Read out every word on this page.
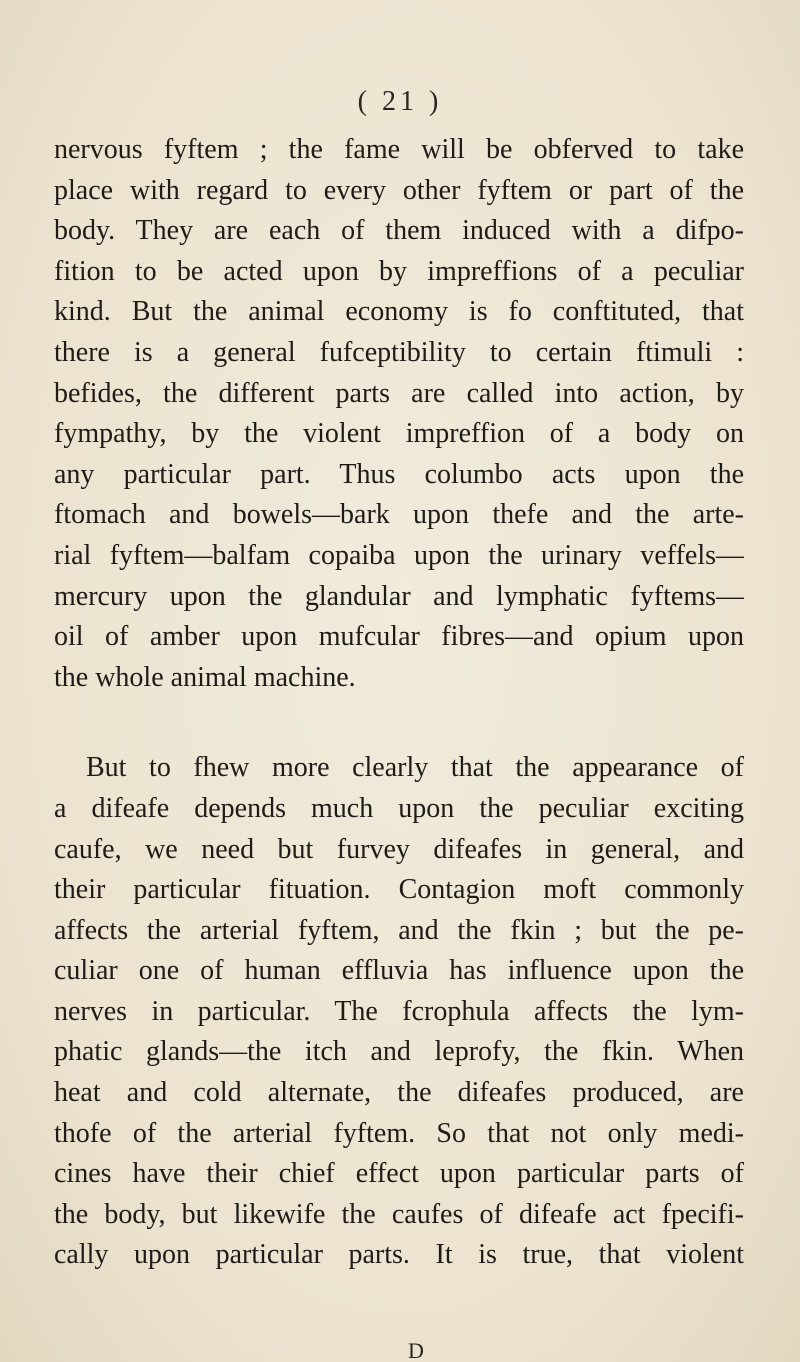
( 21 )
nervous fyftem ; the fame will be obferved to take
place with regard to every other fyftem or part of the
body. They are each of them induced with a difpo-
fition to be acted upon by impreffions of a peculiar
kind. But the animal economy is fo conftituted, that
there is a general fufceptibility to certain ftimuli :
befides, the different parts are called into action, by
fympathy, by the violent impreffion of a body on
any particular part. Thus columbo acts upon the
ftomach and bowels—bark upon thefe and the arte-
rial fyftem—balfam copaiba upon the urinary veffels—
mercury upon the glandular and lymphatic fyftems—
oil of amber upon mufcular fibres—and opium upon
the whole animal machine.
But to fhew more clearly that the appearance of
a difeafe depends much upon the peculiar exciting
caufe, we need but furvey difeafes in general, and
their particular fituation. Contagion moft commonly
affects the arterial fyftem, and the fkin ; but the pe-
culiar one of human effluvia has influence upon the
nerves in particular. The fcrophula affects the lym-
phatic glands—the itch and leprofy, the fkin. When
heat and cold alternate, the difeafes produced, are
thofe of the arterial fyftem. So that not only medi-
cines have their chief effect upon particular parts of
the body, but likewife the caufes of difeafe act fpecifi-
cally upon particular parts. It is true, that violent
D
